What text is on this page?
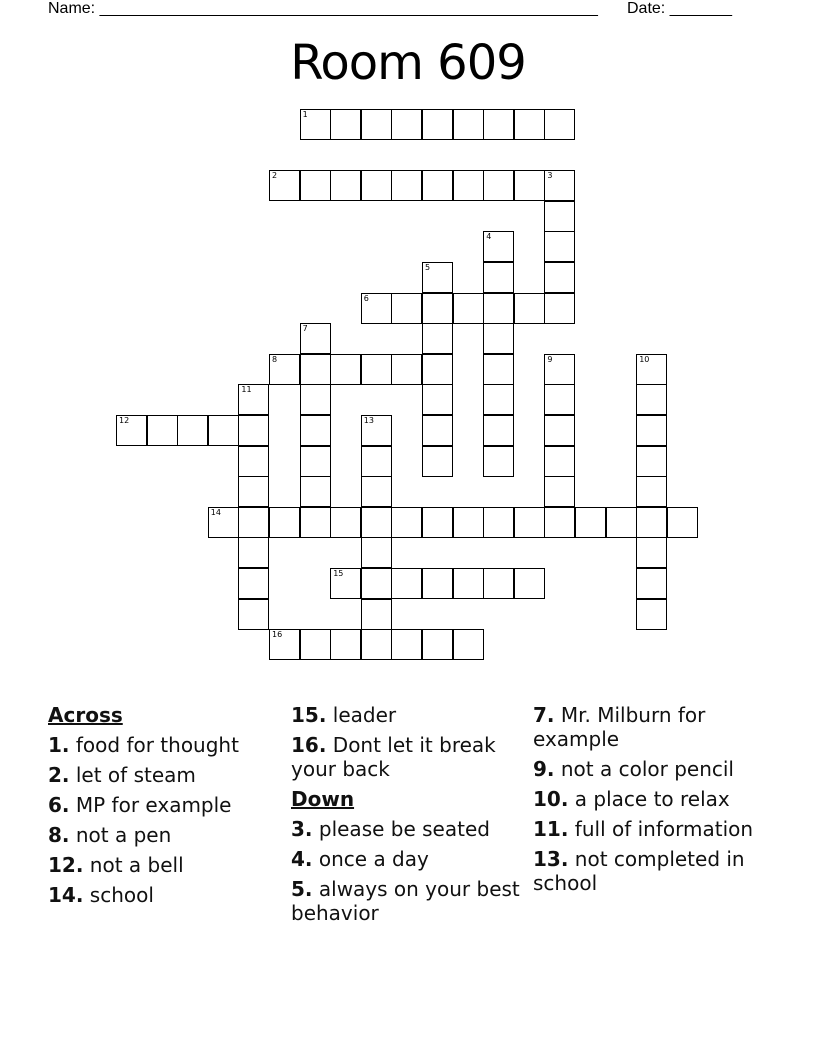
Name: ________________________________________________________ Date: _______
Room 609
1
2	3
4
5
6
7
8	9	10
11
12	13
14
15
16
Across
1. food for thought
2. let of steam
6. MP for example
8. not a pen
12. not a bell
14. school
15. leader
16. Dont let it break your back
Down
3. please be seated
4. once a day
5. always on your best behavior
7. Mr. Milburn for example
9. not a color pencil
10. a place to relax
11. full of information
13. not completed in school
